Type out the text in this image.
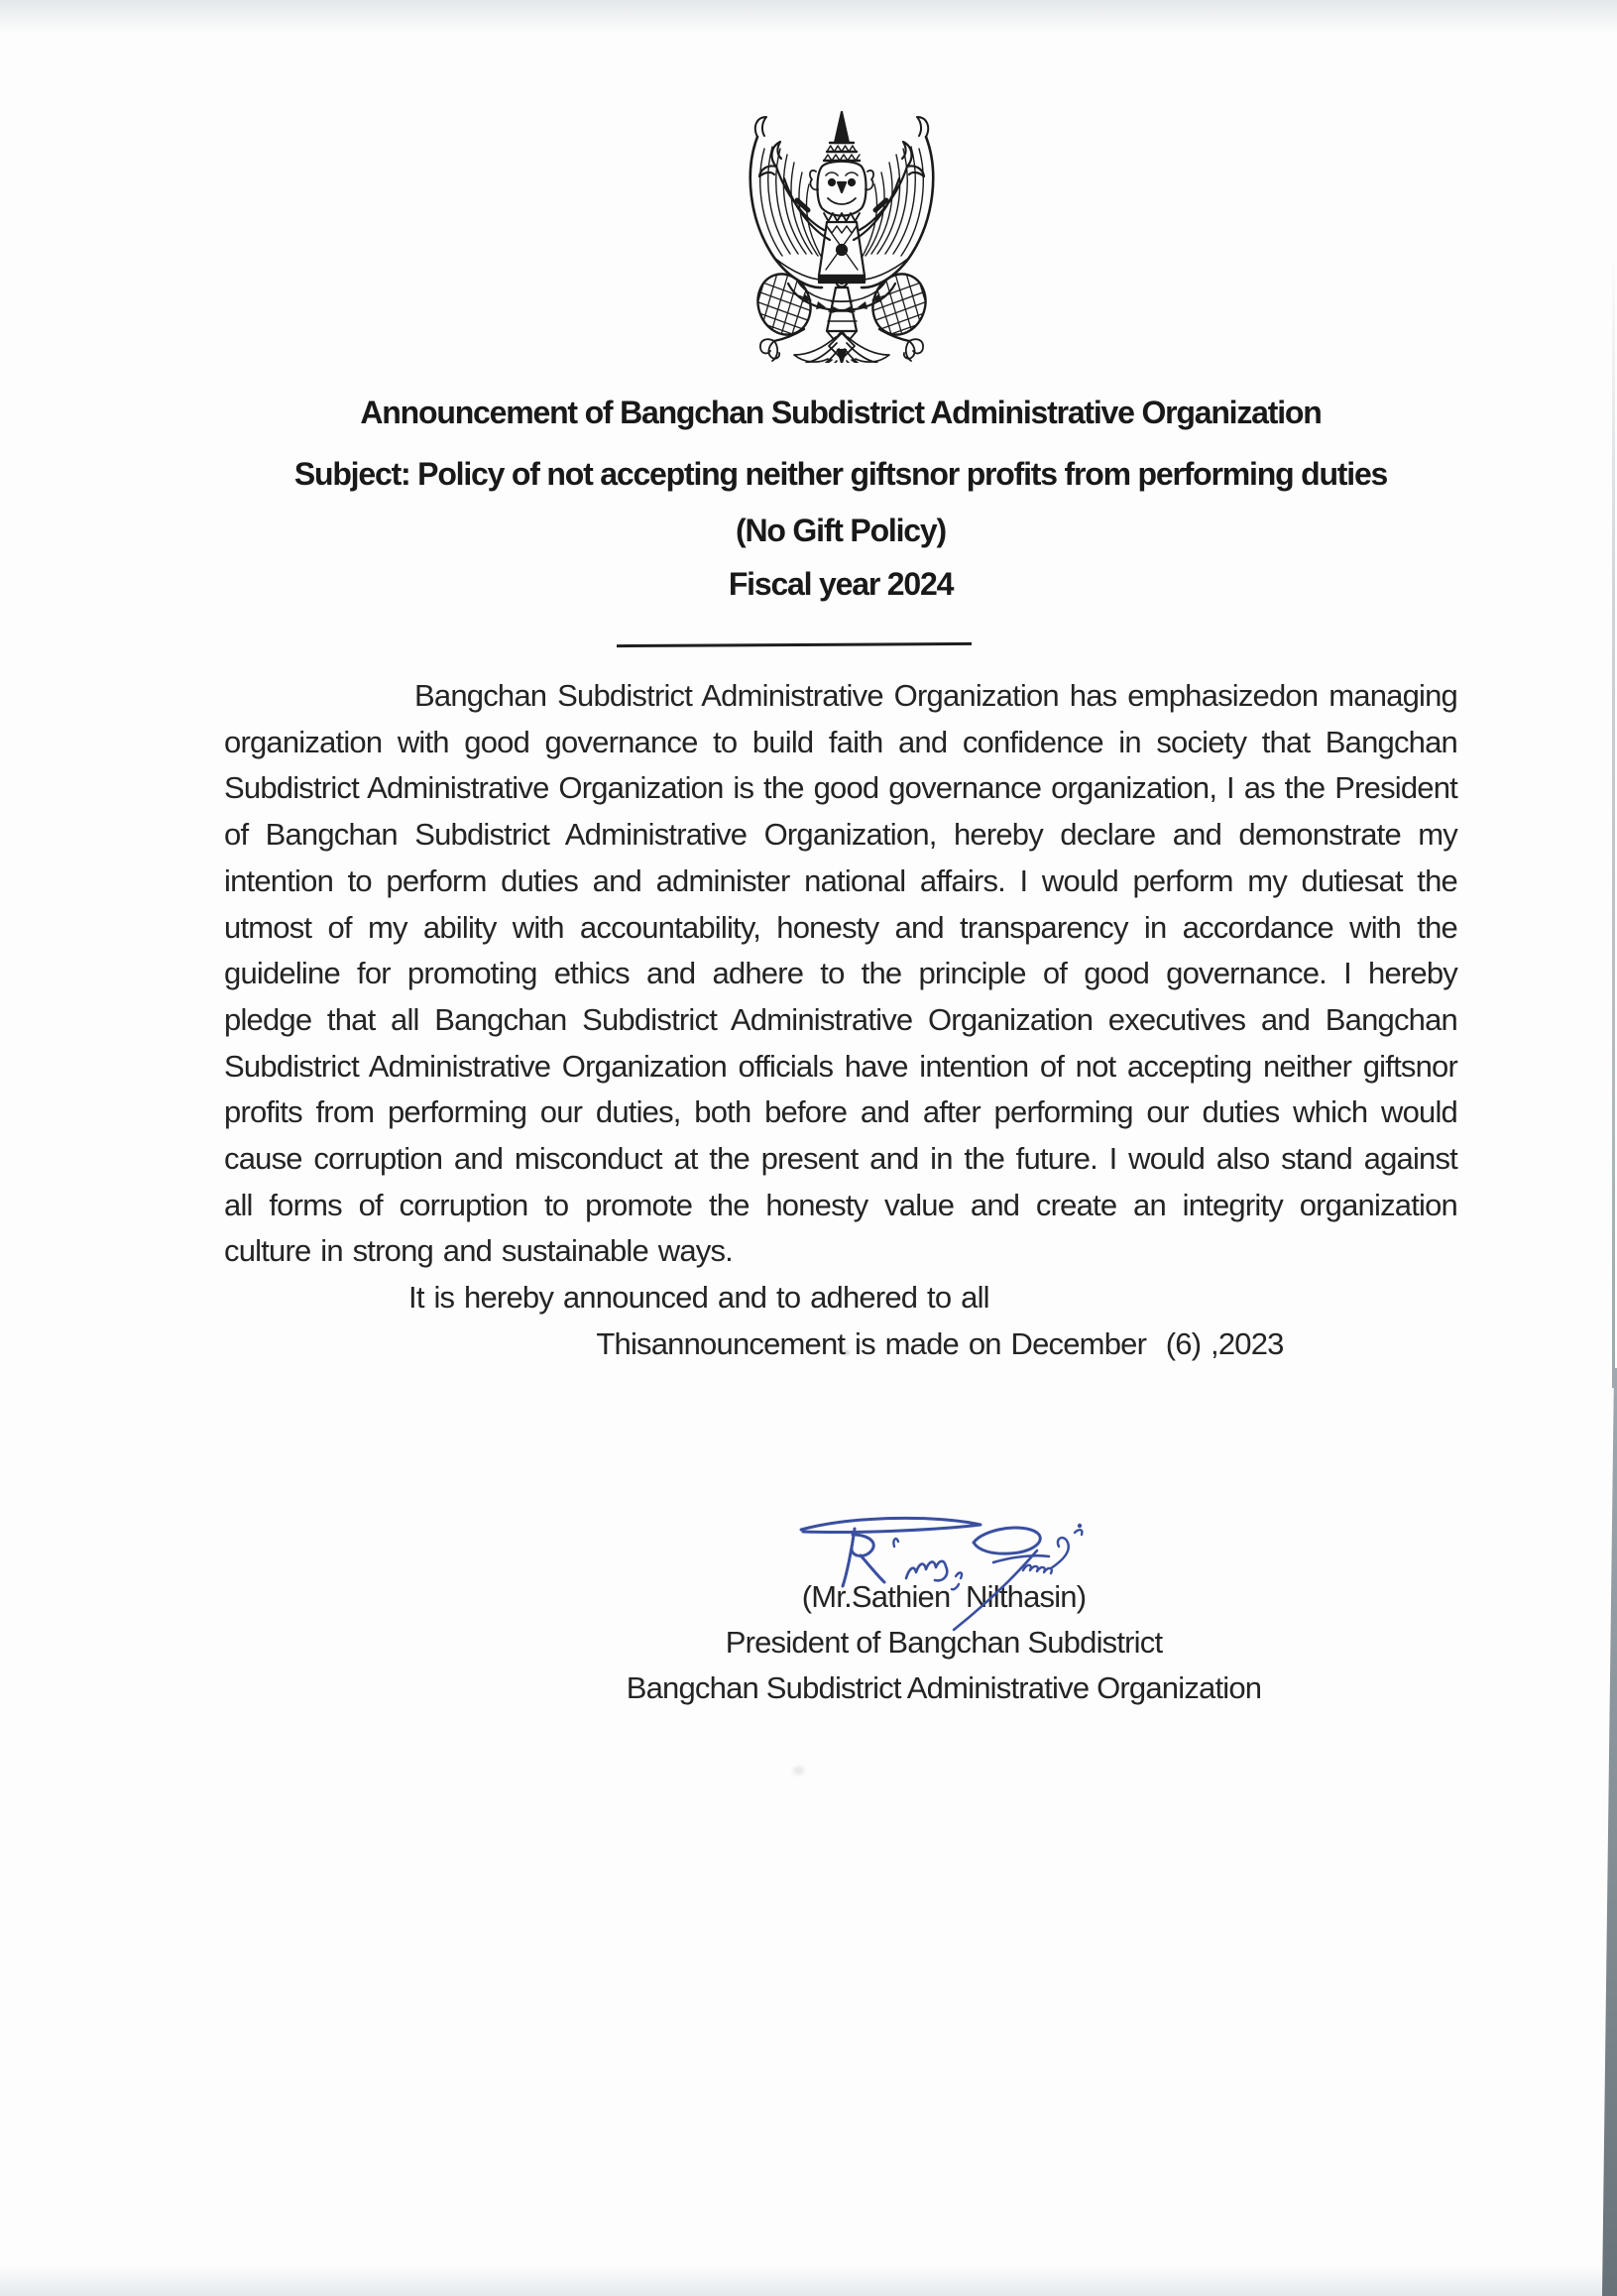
Announcement of Bangchan Subdistrict Administrative Organization
Subject: Policy of not accepting neither giftsnor profits from performing duties
(No Gift Policy)
Fiscal year 2024

Bangchan Subdistrict Administrative Organization has emphasizedon managing organization with good governance to build faith and confidence in society that Bangchan Subdistrict Administrative Organization is the good governance organization, I as the President of Bangchan Subdistrict Administrative Organization, hereby declare and demonstrate my intention to perform duties and administer national affairs. I would perform my dutiesat the utmost of my ability with accountability, honesty and transparency in accordance with the guideline for promoting ethics and adhere to the principle of good governance. I hereby pledge that all Bangchan Subdistrict Administrative Organization executives and Bangchan Subdistrict Administrative Organization officials have intention of not accepting neither giftsnor profits from performing our duties, both before and after performing our duties which would cause corruption and misconduct at the present and in the future. I would also stand against all forms of corruption to promote the honesty value and create an integrity organization culture in strong and sustainable ways.

It is hereby announced and to adhered to all

Thisannouncement is made on December  (6) ,2023

(Mr.Sathien  Nilthasin)
President of Bangchan Subdistrict
Bangchan Subdistrict Administrative Organization
